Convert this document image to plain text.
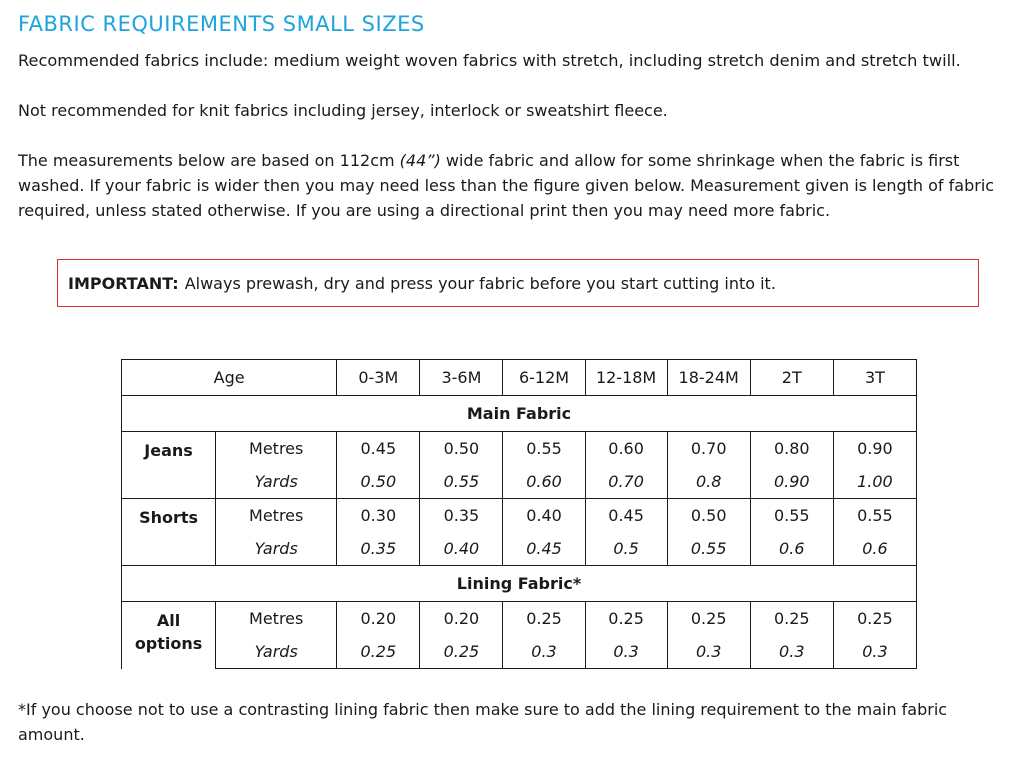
FABRIC REQUIREMENTS SMALL SIZES

Recommended fabrics include: medium weight woven fabrics with stretch, including stretch denim and stretch twill.

Not recommended for knit fabrics including jersey, interlock or sweatshirt fleece.

The measurements below are based on 112cm (44”) wide fabric and allow for some shrinkage when the fabric is first washed. If your fabric is wider then you may need less than the figure given below. Measurement given is length of fabric required, unless stated otherwise. If you are using a directional print then you may need more fabric.

IMPORTANT: Always prewash, dry and press your fabric before you start cutting into it.
Age		0-3M	3-6M	6-12M	12-18M	18-24M	2T	3T
Main Fabric								
Jeans	Metres	0.45	0.50	0.55	0.60	0.70	0.80	0.90
	Yards	0.50	0.55	0.60	0.70	0.8	0.90	1.00
Shorts	Metres	0.30	0.35	0.40	0.45	0.50	0.55	0.55
	Yards	0.35	0.40	0.45	0.5	0.55	0.6	0.6
Lining Fabric*								
All
options	Metres	0.20	0.20	0.25	0.25	0.25	0.25	0.25
	Yards	0.25	0.25	0.3	0.3	0.3	0.3	0.3

*If you choose not to use a contrasting lining fabric then make sure to add the lining requirement to the main fabric amount.
